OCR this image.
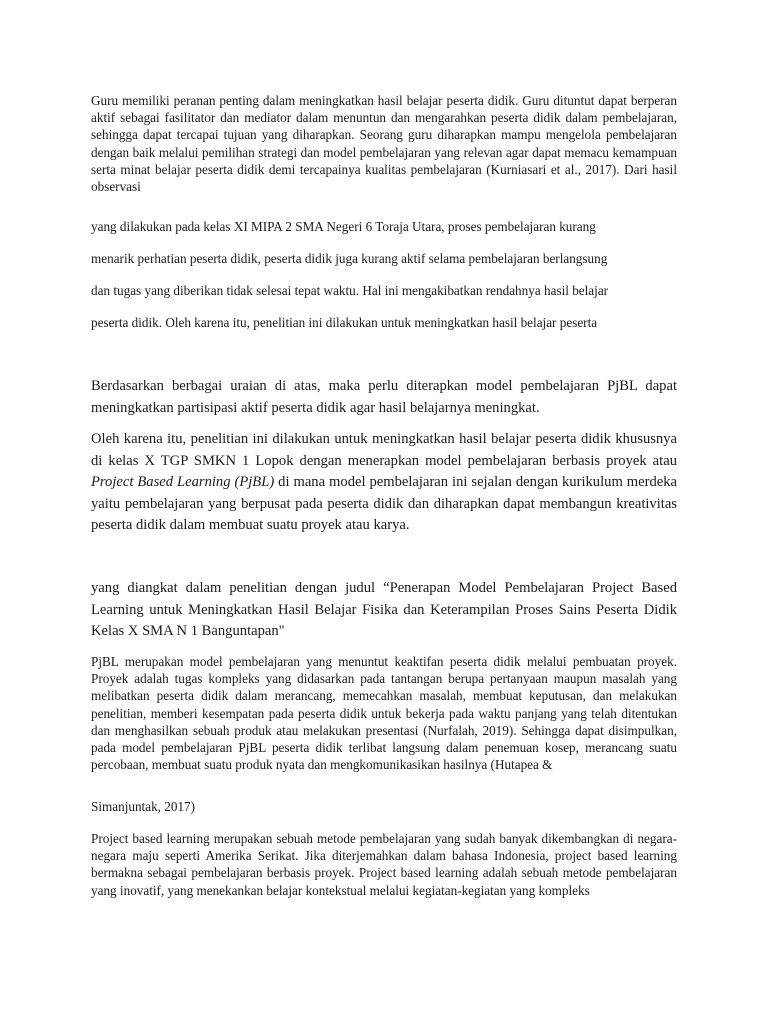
Guru memiliki peranan penting dalam meningkatkan hasil belajar peserta didik. Guru dituntut dapat berperan aktif sebagai fasilitator dan mediator dalam menuntun dan mengarahkan peserta didik dalam pembelajaran, sehingga dapat tercapai tujuan yang diharapkan. Seorang guru diharapkan mampu mengelola pembelajaran dengan baik melalui pemilihan strategi dan model pembelajaran yang relevan agar dapat memacu kemampuan serta minat belajar peserta didik demi tercapainya kualitas pembelajaran (Kurniasari et al., 2017). Dari hasil observasi

yang dilakukan pada kelas XI MIPA 2 SMA Negeri 6 Toraja Utara, proses pembelajaran kurang

menarik perhatian peserta didik, peserta didik juga kurang aktif selama pembelajaran berlangsung

dan tugas yang diberikan tidak selesai tepat waktu. Hal ini mengakibatkan rendahnya hasil belajar

peserta didik. Oleh karena itu, penelitian ini dilakukan untuk meningkatkan hasil belajar peserta

Berdasarkan berbagai uraian di atas, maka perlu diterapkan model pembelajaran PjBL dapat meningkatkan partisipasi aktif peserta didik agar hasil belajarnya meningkat.

Oleh karena itu, penelitian ini dilakukan untuk meningkatkan hasil belajar peserta didik khususnya di kelas X TGP SMKN 1 Lopok dengan menerapkan model pembelajaran berbasis proyek atau Project Based Learning (PjBL) di mana model pembelajaran ini sejalan dengan kurikulum merdeka yaitu pembelajaran yang berpusat pada peserta didik dan diharapkan dapat membangun kreativitas peserta didik dalam membuat suatu proyek atau karya.

yang diangkat dalam penelitian dengan judul “Penerapan Model Pembelajaran Project Based Learning untuk Meningkatkan Hasil Belajar Fisika dan Keterampilan Proses Sains Peserta Didik Kelas X SMA N 1 Banguntapan"

PjBL merupakan model pembelajaran yang menuntut keaktifan peserta didik melalui pembuatan proyek. Proyek adalah tugas kompleks yang didasarkan pada tantangan berupa pertanyaan maupun masalah yang melibatkan peserta didik dalam merancang, memecahkan masalah, membuat keputusan, dan melakukan penelitian, memberi kesempatan pada peserta didik untuk bekerja pada waktu panjang yang telah ditentukan dan menghasilkan sebuah produk atau melakukan presentasi (Nurfalah, 2019). Sehingga dapat disimpulkan, pada model pembelajaran PjBL peserta didik terlibat langsung dalam penemuan kosep, merancang suatu percobaan, membuat suatu produk nyata dan mengkomunikasikan hasilnya (Hutapea &

Simanjuntak, 2017)

Project based learning merupakan sebuah metode pembelajaran yang sudah banyak dikembangkan di negara-negara maju seperti Amerika Serikat. Jika diterjemahkan dalam bahasa Indonesia, project based learning bermakna sebagai pembelajaran berbasis proyek. Project based learning adalah sebuah metode pembelajaran yang inovatif, yang menekankan belajar kontekstual melalui kegiatan-kegiatan yang kompleks
